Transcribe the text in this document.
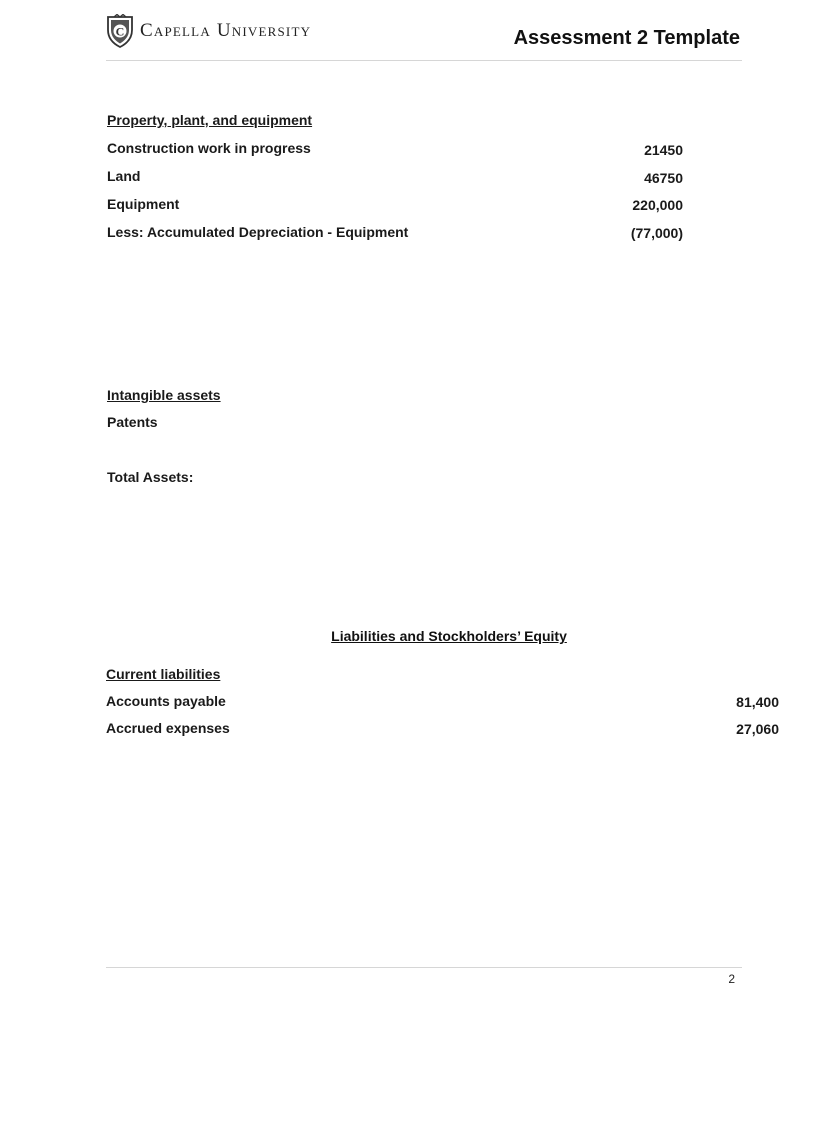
C Capella University	Assessment 2 Template
Property, plant, and equipment
Construction work in progress	21450
Land	46750
Equipment	220,000
Less: Accumulated Depreciation - Equipment	(77,000)
Intangible assets
Patents
Total Assets:
Liabilities and Stockholders’ Equity
Current liabilities
Accounts payable	81,400
Accrued expenses	27,060
2
